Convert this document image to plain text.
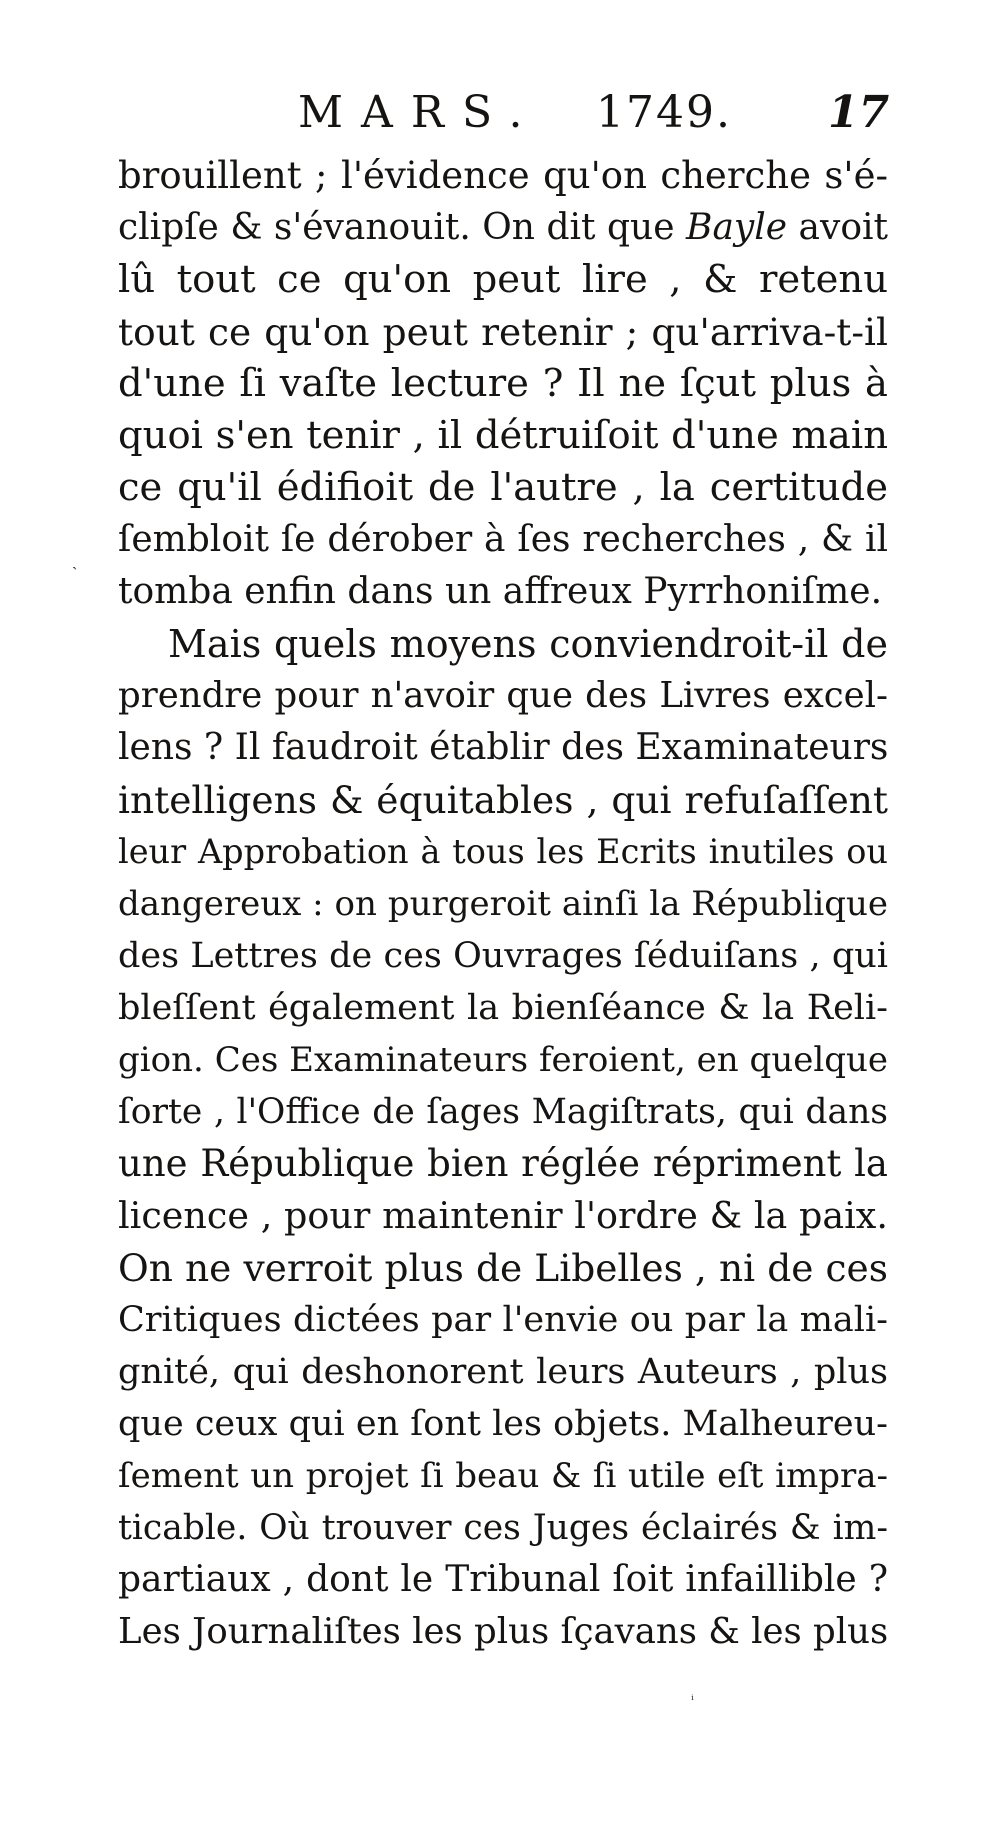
MARS. 1749. 17
brouillent ; l'évidence qu'on cherche s'é-
clipſe & s'évanouit. On dit que Bayle avoit
lû tout ce qu'on peut lire , & retenu
tout ce qu'on peut retenir ; qu'arriva-t-il
d'une ſi vaſte lecture ? Il ne ſçut plus à
quoi s'en tenir , il détruiſoit d'une main
ce qu'il édifioit de l'autre , la certitude
ſembloit ſe dérober à ſes recherches , & il
tomba enfin dans un affreux Pyrrhoniſme.
Mais quels moyens conviendroit-il de
prendre pour n'avoir que des Livres excel-
lens ? Il faudroit établir des Examinateurs
intelligens & équitables , qui refuſaſſent
leur Approbation à tous les Ecrits inutiles ou
dangereux : on purgeroit ainſi la République
des Lettres de ces Ouvrages ſéduiſans , qui
bleſſent également la bienſéance & la Reli-
gion. Ces Examinateurs feroient, en quelque
ſorte , l'Office de ſages Magiſtrats, qui dans
une République bien réglée répriment la
licence , pour maintenir l'ordre & la paix.
On ne verroit plus de Libelles , ni de ces
Critiques dictées par l'envie ou par la mali-
gnité, qui deshonorent leurs Auteurs , plus
que ceux qui en ſont les objets. Malheureu-
ſement un projet ſi beau & ſi utile eſt impra-
ticable. Où trouver ces Juges éclairés & im-
partiaux , dont le Tribunal ſoit infaillible ?
Les Journaliſtes les plus ſçavans & les plus
ˎ
ᵢ
